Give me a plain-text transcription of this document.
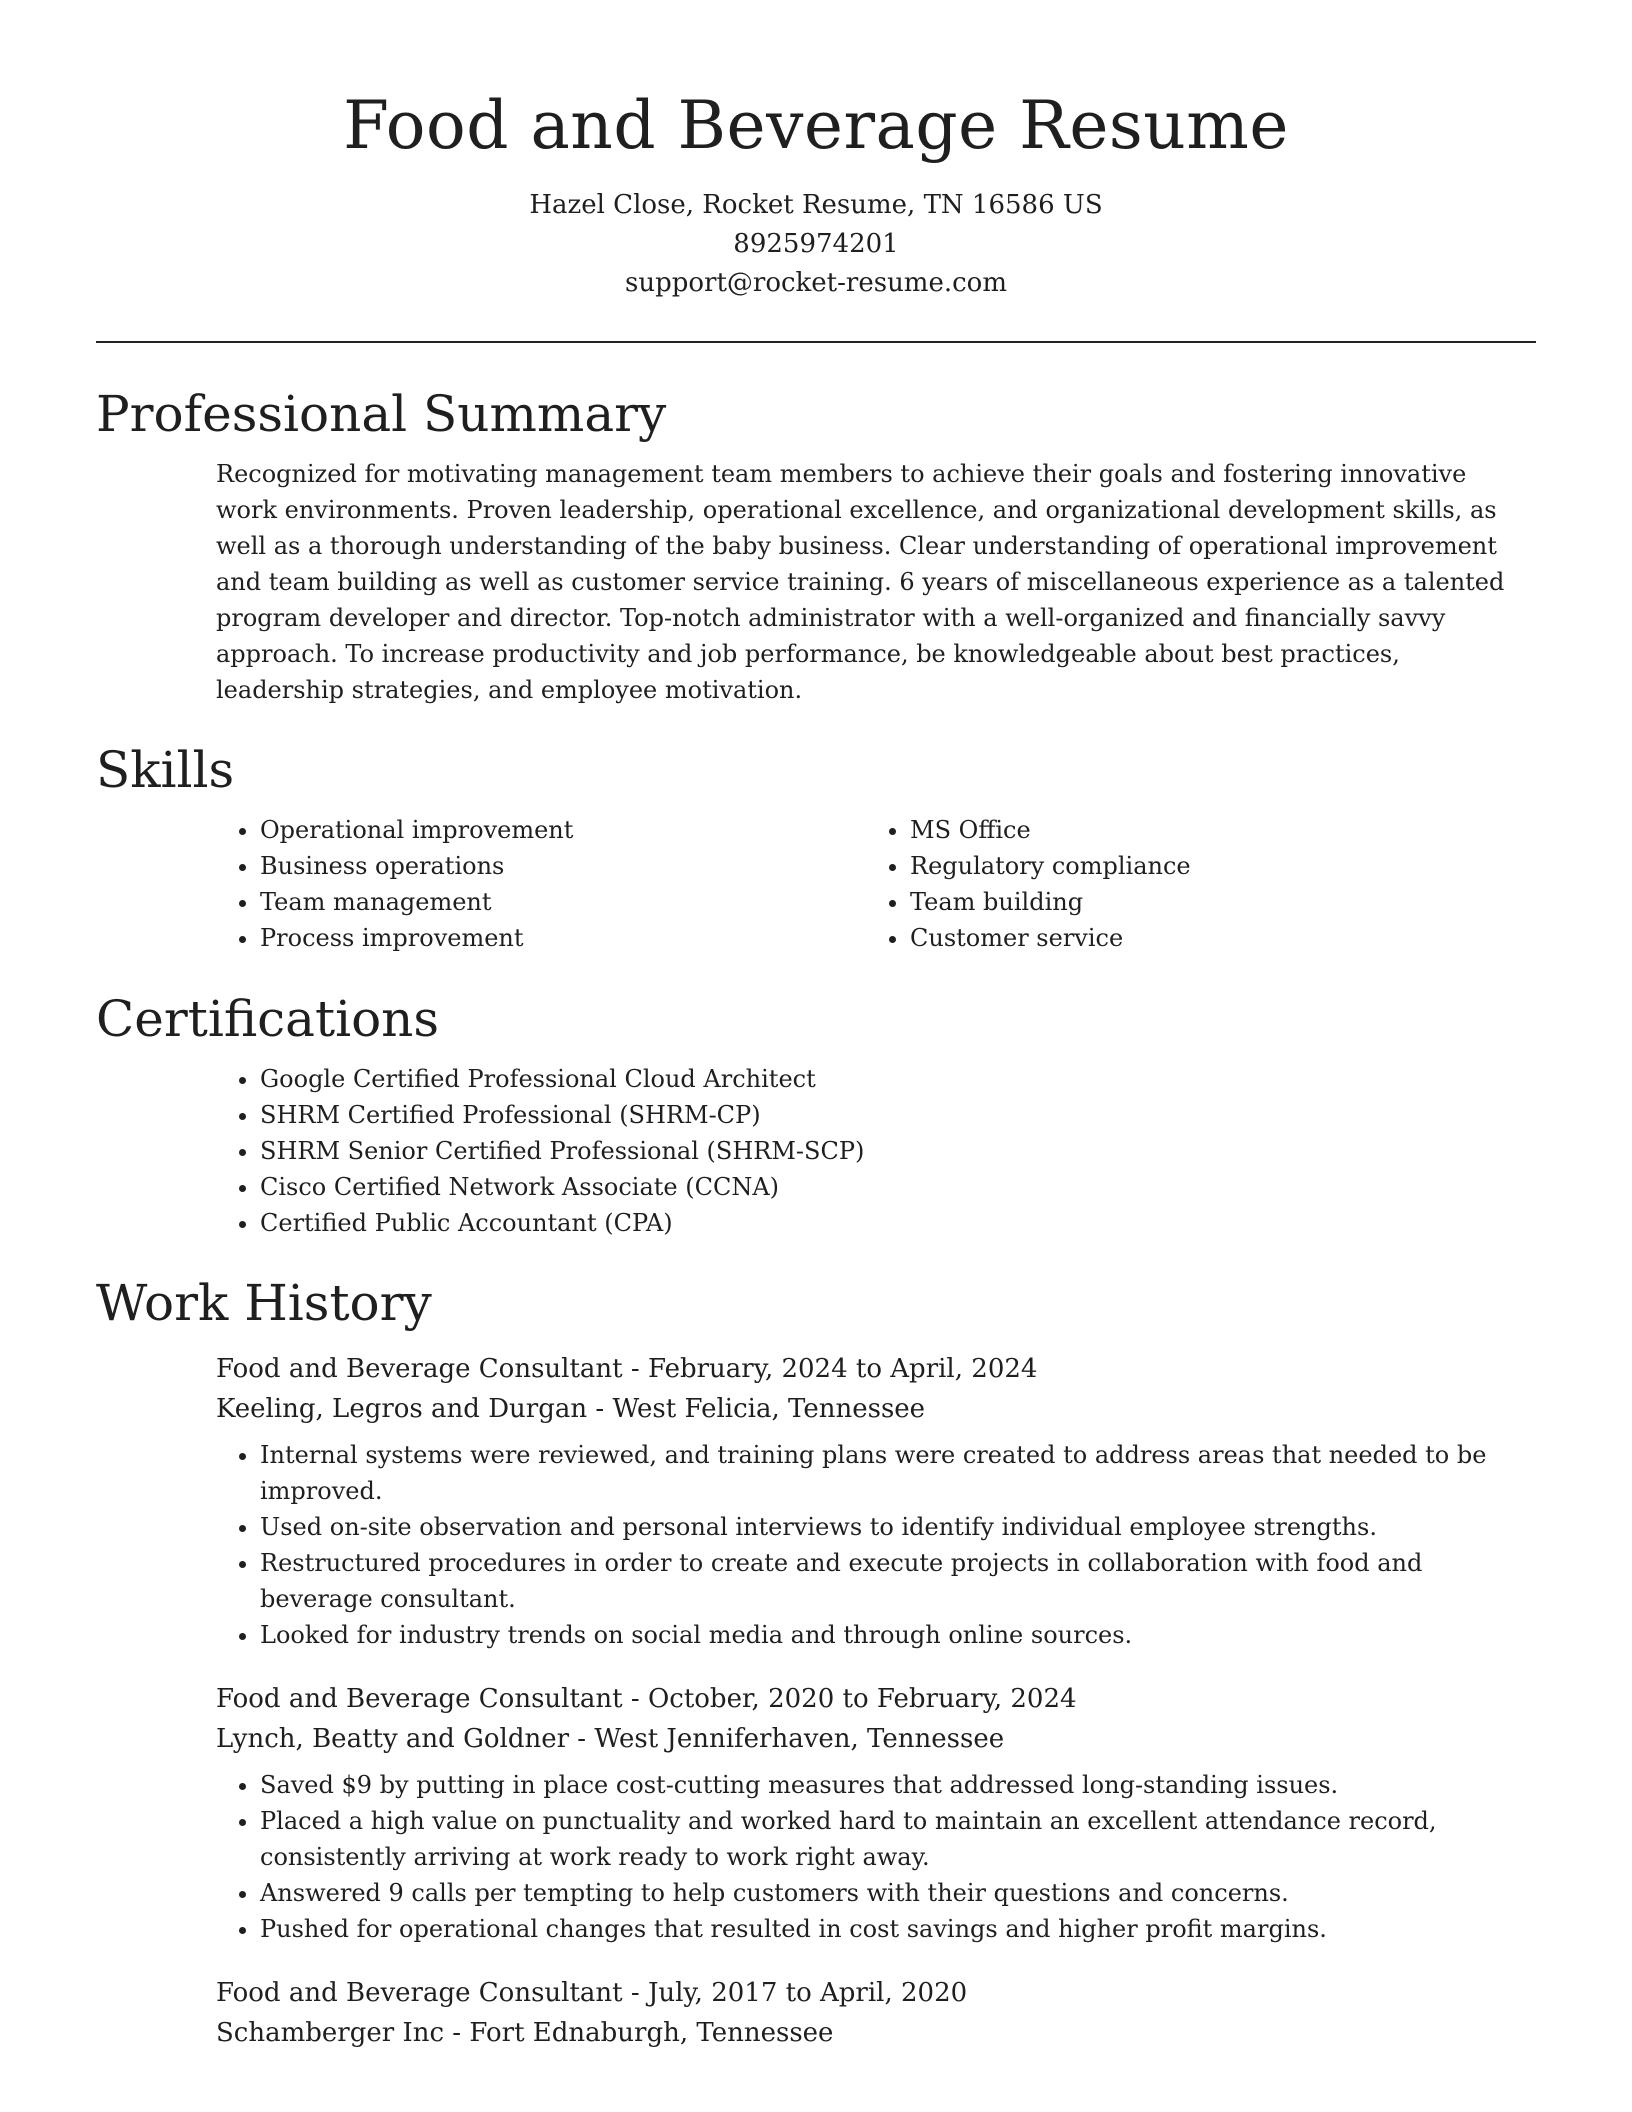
Food and Beverage Resume
Hazel Close, Rocket Resume, TN 16586 US
8925974201
support@rocket-resume.com
Professional Summary

Recognized for motivating management team members to achieve their goals and fostering innovative work environments. Proven leadership, operational excellence, and organizational development skills, as well as a thorough understanding of the baby business. Clear understanding of operational improvement and team building as well as customer service training. 6 years of miscellaneous experience as a talented program developer and director. Top-notch administrator with a well-organized and financially savvy approach. To increase productivity and job performance, be knowledgeable about best practices, leadership strategies, and employee motivation.

Skills
• Operational improvement
• Business operations
• Team management
• Process improvement
• MS Office
• Regulatory compliance
• Team building
• Customer service
Certifications
• Google Certified Professional Cloud Architect
• SHRM Certified Professional (SHRM-CP)
• SHRM Senior Certified Professional (SHRM-SCP)
• Cisco Certified Network Associate (CCNA)
• Certified Public Accountant (CPA)
Work History
Food and Beverage Consultant - February, 2024 to April, 2024
Keeling, Legros and Durgan - West Felicia, Tennessee
• Internal systems were reviewed, and training plans were created to address areas that needed to be improved.
• Used on-site observation and personal interviews to identify individual employee strengths.
• Restructured procedures in order to create and execute projects in collaboration with food and beverage consultant.
• Looked for industry trends on social media and through online sources.
Food and Beverage Consultant - October, 2020 to February, 2024
Lynch, Beatty and Goldner - West Jenniferhaven, Tennessee
• Saved $9 by putting in place cost-cutting measures that addressed long-standing issues.
• Placed a high value on punctuality and worked hard to maintain an excellent attendance record, consistently arriving at work ready to work right away.
• Answered 9 calls per tempting to help customers with their questions and concerns.
• Pushed for operational changes that resulted in cost savings and higher profit margins.
Food and Beverage Consultant - July, 2017 to April, 2020
Schamberger Inc - Fort Ednaburgh, Tennessee
